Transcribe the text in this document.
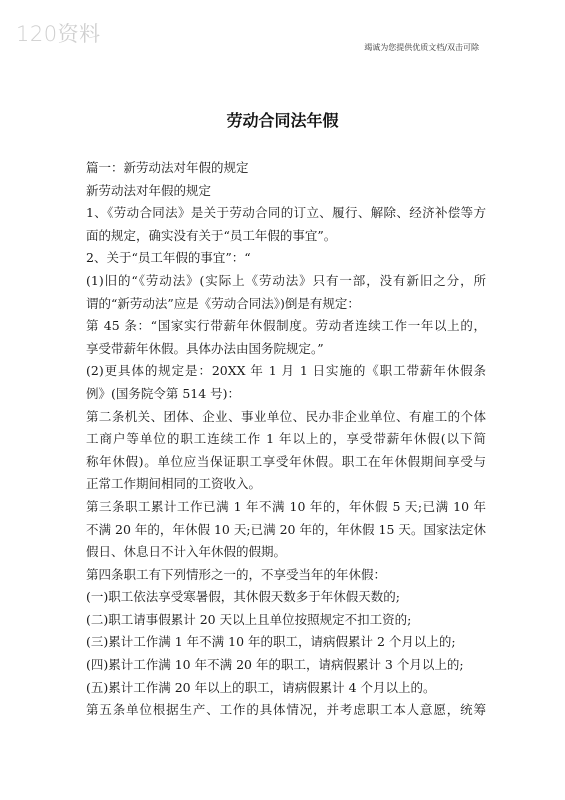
120资料
竭诚为您提供优质文档/双击可除
劳动合同法年假
篇一：新劳动法对年假的规定
新劳动法对年假的规定
1、《劳动合同法》是关于劳动合同的订立、履行、解除、经济补偿等方
面的规定，确实没有关于“员工年假的事宜”。
2、关于“员工年假的事宜”：“
(1)旧的“《劳动法》(实际上《劳动法》只有一部，没有新旧之分，所
谓的“新劳动法”应是《劳动合同法》)倒是有规定：
第 45 条：“国家实行带薪年休假制度。劳动者连续工作一年以上的，
享受带薪年休假。具体办法由国务院规定。”
(2)更具体的规定是：20XX 年 1 月 1 日实施的《职工带薪年休假条
例》(国务院令第 514 号)：
第二条机关、团体、企业、事业单位、民办非企业单位、有雇工的个体
工商户等单位的职工连续工作 1 年以上的，享受带薪年休假(以下简
称年休假)。单位应当保证职工享受年休假。职工在年休假期间享受与
正常工作期间相同的工资收入。
第三条职工累计工作已满 1 年不满 10 年的，年休假 5 天;已满 10 年
不满 20 年的，年休假 10 天;已满 20 年的，年休假 15 天。国家法定休
假日、休息日不计入年休假的假期。
第四条职工有下列情形之一的，不享受当年的年休假：
(一)职工依法享受寒暑假，其休假天数多于年休假天数的;
(二)职工请事假累计 20 天以上且单位按照规定不扣工资的;
(三)累计工作满 1 年不满 10 年的职工，请病假累计 2 个月以上的;
(四)累计工作满 10 年不满 20 年的职工，请病假累计 3 个月以上的;
(五)累计工作满 20 年以上的职工，请病假累计 4 个月以上的。
第五条单位根据生产、工作的具体情况，并考虑职工本人意愿，统筹
